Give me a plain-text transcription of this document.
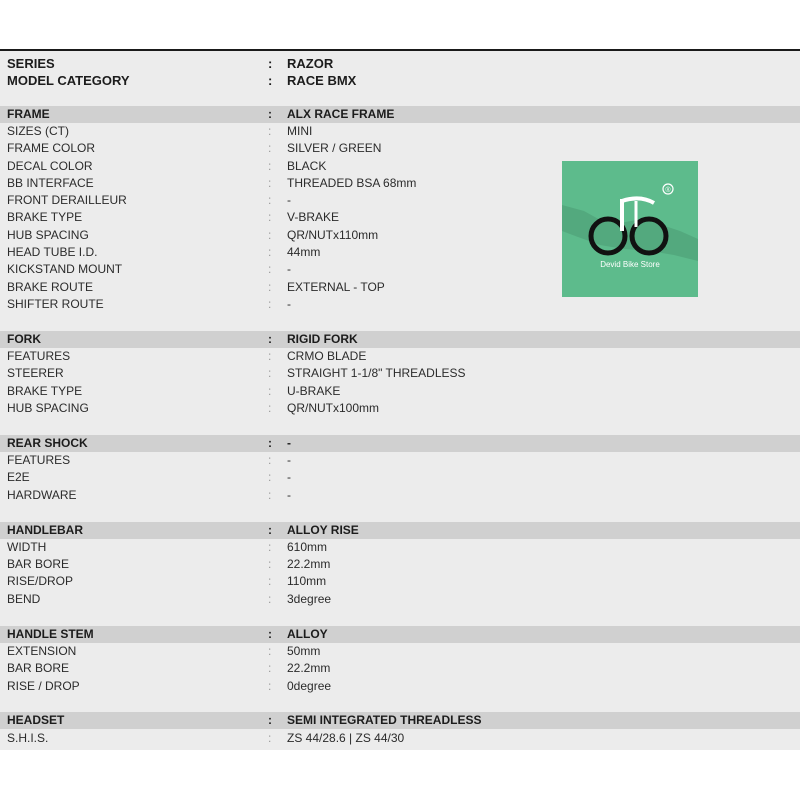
SERIES	: RAZOR
MODEL CATEGORY	: RACE BMX
FRAME	: ALX RACE FRAME
SIZES (CT)	: MINI
FRAME COLOR	: SILVER / GREEN
DECAL COLOR	: BLACK
BB INTERFACE	: THREADED BSA 68mm
FRONT DERAILLEUR	: -
BRAKE TYPE	: V-BRAKE
HUB SPACING	: QR/NUTx110mm
HEAD TUBE I.D.	: 44mm
KICKSTAND MOUNT	: -
BRAKE ROUTE	: EXTERNAL - TOP
SHIFTER ROUTE	: -
FORK	: RIGID FORK
FEATURES	: CRMO BLADE
STEERER	: STRAIGHT 1-1/8" THREADLESS
BRAKE TYPE	: U-BRAKE
HUB SPACING	: QR/NUTx100mm
REAR SHOCK	: -
FEATURES	: -
E2E	: -
HARDWARE	: -
HANDLEBAR	: ALLOY RISE
WIDTH	: 610mm
BAR BORE	: 22.2mm
RISE/DROP	: 110mm
BEND	: 3degree
HANDLE STEM	: ALLOY
EXTENSION	: 50mm
BAR BORE	: 22.2mm
RISE / DROP	: 0degree
HEADSET	: SEMI INTEGRATED THREADLESS
S.H.I.S.	: ZS 44/28.6 | ZS 44/30
®
Devid Bike Store
